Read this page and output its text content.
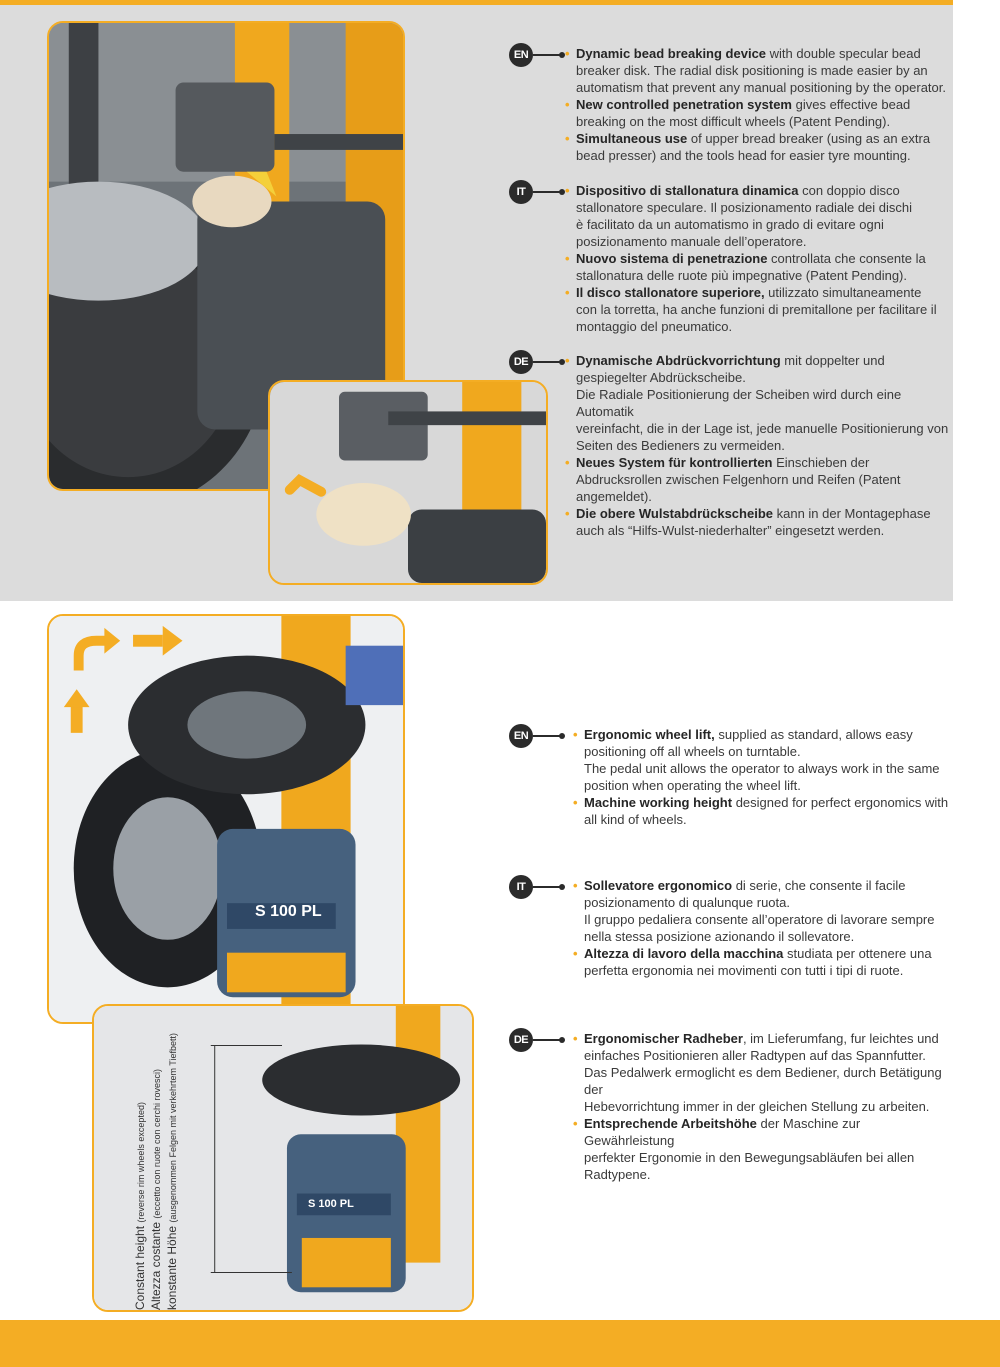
EN	• Dynamic bead breaking device with double specular bead
breaker disk. The radial disk positioning is made easier by an
automatism that prevent any manual positioning by the operator.
• New controlled penetration system gives effective bead
breaking on the most difficult wheels (Patent Pending).
• Simultaneous use of upper bread breaker (using as an extra
bead presser) and the tools head for easier tyre mounting.
IT	• Dispositivo di stallonatura dinamica con doppio disco
stallonatore speculare. Il posizionamento radiale dei dischi
è facilitato da un automatismo in grado di evitare ogni
posizionamento manuale dell’operatore.
• Nuovo sistema di penetrazione controllata che consente la
stallonatura delle ruote più impegnative (Patent Pending).
• Il disco stallonatore superiore, utilizzato simultaneamente
con la torretta, ha anche funzioni di premitallone per facilitare il
montaggio del pneumatico.
DE	• Dynamische Abdrückvorrichtung mit doppelter und
gespiegelter Abdrückscheibe.
Die Radiale Positionierung der Scheiben wird durch eine Automatik
vereinfacht, die in der Lage ist, jede manuelle Positionierung von
Seiten des Bedieners zu vermeiden.
• Neues System für kontrollierten Einschieben der
Abdrucksrollen zwischen Felgenhorn und Reifen (Patent
angemeldet).
• Die obere Wulstabdrückscheibe kann in der Montagephase
auch als “Hilfs-Wulst-niederhalter” eingesetzt werden.
S 100 PL
S 100 PL
Constant height (reverse rim wheels excepted)
Altezza costante (eccetto con ruote con cerchi rovesci)
konstante Höhe (ausgenommen Felgen mit verkehrtem Tiefbett)
EN	• Ergonomic wheel lift, supplied as standard, allows easy
positioning off all wheels on turntable.
The pedal unit allows the operator to always work in the same
position when operating the wheel lift.
• Machine working height designed for perfect ergonomics with
all kind of wheels.
IT	• Sollevatore ergonomico di serie, che consente il facile
posizionamento di qualunque ruota.
Il gruppo pedaliera consente all’operatore di lavorare sempre
nella stessa posizione azionando il sollevatore.
• Altezza di lavoro della macchina studiata per ottenere una
perfetta ergonomia nei movimenti con tutti i tipi di ruote.
DE	• Ergonomischer Radheber, im Lieferumfang, fur leichtes und
einfaches Positionieren aller Radtypen auf das Spannfutter.
Das Pedalwerk ermoglicht es dem Bediener, durch Betätigung der
Hebevorrichtung immer in der gleichen Stellung zu arbeiten.
• Entsprechende Arbeitshöhe der Maschine zur Gewährleistung
perfekter Ergonomie in den Bewegungsabläufen bei allen
Radtypene.
